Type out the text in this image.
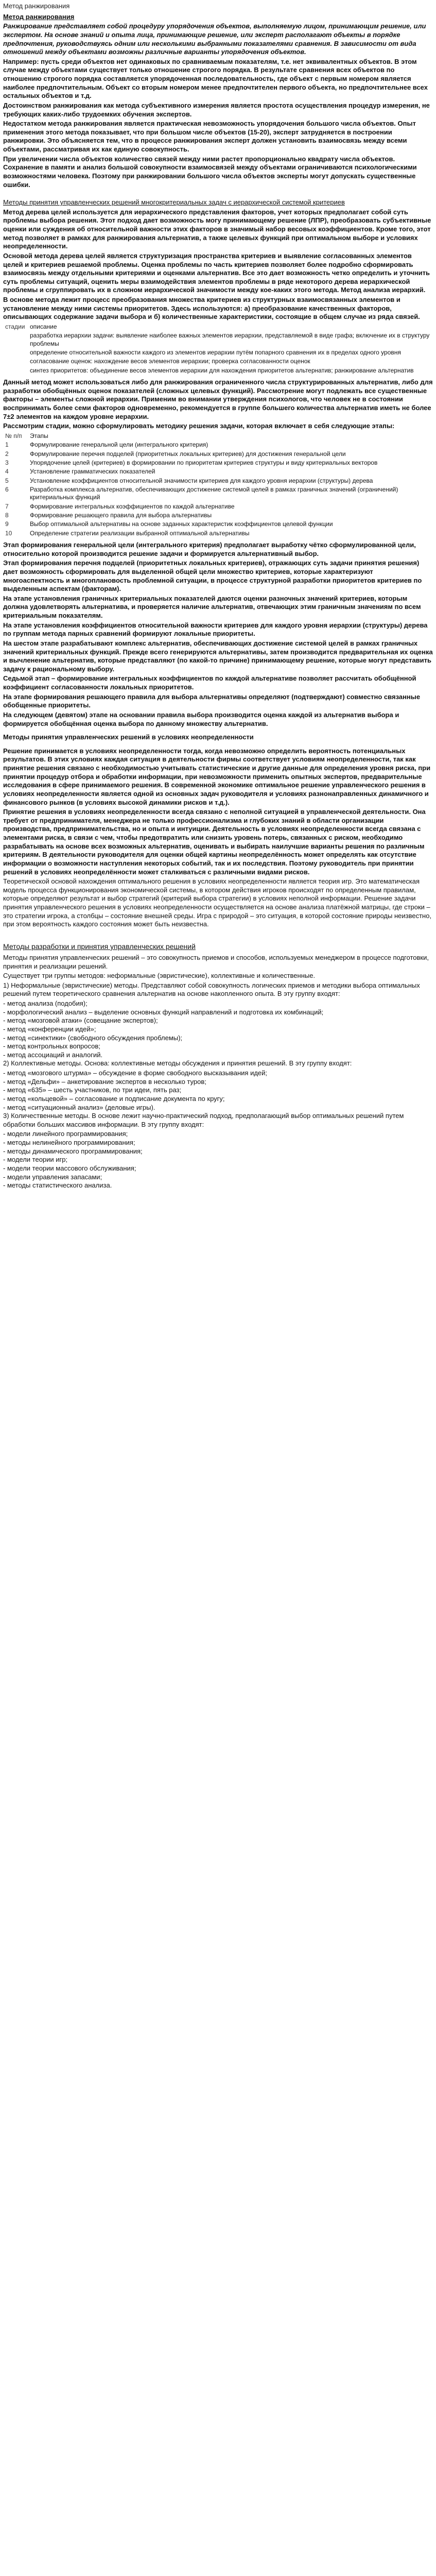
Метод ранжирования
Метод ранжирования

Ранжирование представляет собой процедуру упорядочения объектов, выполняемую лицом, принимающим решение, или экспертом. На основе знаний и опыта лица, принимающие решение, или эксперт располагают объекты в порядке предпочтения, руководствуясь одним или несколькими выбранными показателями сравнения. В зависимости от вида отношений между объектами возможны различные варианты упорядочения объектов.

Например: пусть среди объектов нет одинаковых по сравниваемым показателям, т.е. нет эквивалентных объектов. В этом случае между объектами существует только отношение строгого порядка. В результате сравнения всех объектов по отношению строгого порядка составляется упорядоченная последовательность, где объект с первым номером является наиболее предпочтительным. Объект со вторым номером менее предпочтителен первого объекта, но предпочтительнее всех остальных объектов и т.д.

Достоинством ранжирования как метода субъективного измерения является простота осуществления процедур измерения, не требующих каких-либо трудоемких обучения экспертов.

Недостатком метода ранжирования является практическая невозможность упорядочения большого числа объектов. Опыт применения этого метода показывает, что при большом числе объектов (15-20), эксперт затрудняется в построении ранжировки. Это объясняется тем, что в процессе ранжирования эксперт должен установить взаимосвязь между всеми объектами, рассматривая их как единую совокупность.

При увеличении числа объектов количество связей между ними растет пропорционально квадрату числа объектов. Сохранение в памяти и анализ большой совокупности взаимосвязей между объектами ограничиваются психологическими возможностями человека. Поэтому при ранжировании большого числа объектов эксперты могут допускать существенные ошибки.

Методы принятия управленческих решений многокритериальных задач с иерархической системой критериев

Метод дерева целей используется для иерархического представления факторов, учет которых предполагает собой суть проблемы выбора решения. Этот подход дает возможность могу принимающему решение (ЛПР), преобразовать субъективные оценки или суждения об относительной важности этих факторов в значимый набор весовых коэффициентов. Кроме того, этот метод позволяет в рамках для ранжирования альтернатив, а также целевых функций при оптимальном выборе и условиях неопределенности.

Основой метода дерева целей является структуризация пространства критериев и выявление согласованных элементов целей и критериев решаемой проблемы. Оценка проблемы по часть критериев позволяет более подробно сформировать взаимосвязь между отдельными критериями и оценками альтернатив. Все это дает возможность четко определить и уточнить суть проблемы ситуаций, оценить меры взаимодействия элементов проблемы в ряде некоторого дерева иерархической проблемы и сгруппировать их в сложном иерархической значимости между кое-каких этого метода. Метод анализа иерархий.

В основе метода лежит процесс преобразования множества критериев из структурных взаимосвязанных элементов и установление между ними системы приоритетов. Здесь используются: а) преобразование качественных факторов, описывающих содержание задачи выбора и б) количественные характеристики, состоящие в общем случае из ряда связей.

стадии	описание
	разработка иерархии задачи: выявление наиболее важных элементов иерархии, представляемой в виде графа; включение их в структуру проблемы
	определение относительной важности каждого из элементов иерархии путём попарного сравнения их в пределах одного уровня
	согласование оценок: нахождение весов элементов иерархии; проверка согласованности оценок
	синтез приоритетов: объединение весов элементов иерархии для нахождения приоритетов альтернатив; ранжирование альтернатив

Данный метод может использоваться либо для ранжирования ограниченного числа структурированных альтернатив, либо для разработки обобщённых оценок показателей (сложных целевых функций). Рассмотрение могут подлежать все существенные факторы – элементы сложной иерархии. Применим во внимании утверждения психологов, что человек не в состоянии воспринимать более семи факторов одновременно, рекомендуется в группе большего количества альтернатив иметь не более 7±2 элементов на каждом уровне иерархии.

Рассмотрим стадии, можно сформулировать методику решения задачи, которая включает в себя следующие этапы:

№ п/п	Этапы
1	Формулирование генеральной цели (интегрального критерия)
2	Формулирование перечня подцелей (приоритетных локальных критериев) для достижения генеральной цели
3	Упорядочение целей (критериев) в формировании по приоритетам критериев структуры и виду критериальных векторов
4	Установление грамматических показателей
5	Установление коэффициентов относительной значимости критериев для каждого уровня иерархии (структуры) дерева
6	Разработка комплекса альтернатив, обеспечивающих достижение системой целей в рамках граничных значений (ограничений) критериальных функций
7	Формирование интегральных коэффициентов по каждой альтернативе
8	Формирование решающего правила для выбора альтернативы
9	Выбор оптимальной альтернативы на основе заданных характеристик коэффициентов целевой функции
10	Определение стратегии реализации выбранной оптимальной альтернативы

Этап формирования генеральной цели (интегрального критерия) предполагает выработку чётко сформулированной цели, относительно которой производится решение задачи и формируется альтернативный выбор.

Этап формирования перечня подцелей (приоритетных локальных критериев), отражающих суть задачи принятия решения) дает возможность сформировать для выделенной общей цели множество критериев, которые характеризуют многоаспектность и многоплановость проблемной ситуации, в процессе структурной разработки приоритетов критериев по выделенным аспектам (факторам).

На этапе установления граничных критериальных показателей даются оценки разночных значений критериев, которым должна удовлетворять альтернатива, и проверяется наличие альтернатив, отвечающих этим граничным значениям по всем критериальным показателям.

На этапе установления коэффициентов относительной важности критериев для каждого уровня иерархии (структуры) дерева по группам метода парных сравнений формируют локальные приоритеты.

На шестом этапе разрабатывают комплекс альтернатив, обеспечивающих достижение системой целей в рамках граничных значений критериальных функций. Прежде всего генерируются альтернативы, затем производится предварительная их оценка и вычленение альтернатив, которые представляют (по какой-то причине) принимающему решение, которые могут представить задачу к рациональному выбору.

Седьмой этап – формирование интегральных коэффициентов по каждой альтернативе позволяет рассчитать обобщённой коэффициент согласованности локальных приоритетов.

На этапе формирования решающего правила для выбора альтернативы определяют (подтверждают) совместно связанные обобщенные приоритеты.

На следующем (девятом) этапе на основании правила выбора производится оценка каждой из альтернатив выбора и формируется обобщённая оценка выбора по данному множеству альтернатив.

Методы принятия управленческих решений в условиях неопределенности

Решение принимается в условиях неопределенности тогда, когда невозможно определить вероятность потенциальных результатов. В этих условиях каждая ситуация в деятельности фирмы соответствует условиям неопределенности, так как принятие решения связано с необходимостью учитывать статистические и другие данные для определения уровня риска, при принятии процедур отбора и обработки информации, при невозможности применить опытных экспертов, предварительные исследования в сфере принимаемого решения. В современной экономике оптимальное решение управленческого решения в условиях неопределенности является одной из основных задач руководителя и условиях разнонаправленных динамичного и финансового рынков (в условиях высокой динамики рисков и т.д.).

Принятие решения в условиях неопределенности всегда связано с неполной ситуацией в управленческой деятельности. Она требует от предпринимателя, менеджера не только профессионализма и глубоких знаний в области организации производства, предпринимательства, но и опыта и интуиции. Деятельность в условиях неопределенности всегда связана с элементами риска, в связи с чем, чтобы предотвратить или снизить уровень потерь, связанных с риском, необходимо разрабатывать на основе всех возможных альтернатив, оценивать и выбирать наилучшие варианты решения по различным критериям. В деятельности руководителя для оценки общей картины неопределённость может определять как отсутствие информации о возможности наступления некоторых событий, так и их последствия. Поэтому руководитель при принятии решений в условиях неопределённости может сталкиваться с различными видами рисков.

Теоретической основой нахождения оптимального решения в условиях неопределенности является теория игр. Это математическая модель процесса функционирования экономической системы, в котором действия игроков происходят по определенным правилам, которые определяют результат и выбор стратегий (критерий выбора стратегии) в условиях неполной информации. Решение задачи принятия управленческого решения в условиях неопределенности осуществляется на основе анализа платёжной матрицы, где строки – это стратегии игрока, а столбцы – состояние внешней среды. Игра с природой – это ситуация, в которой состояние природы неизвестно, при этом вероятность каждого состояния может быть неизвестна.

Методы разработки и принятия управленческих решений

Методы принятия управленческих решений – это совокупность приемов и способов, используемых менеджером в процессе подготовки, принятия и реализации решений.

Существует три группы методов: неформальные (эвристические), коллективные и количественные.

1) Неформальные (эвристические) методы. Представляют собой совокупность логических приемов и методики выбора оптимальных решений путем теоретического сравнения альтернатив на основе накопленного опыта. В эту группу входят:

- метод анализа (подобия);
- морфологический анализ – выделение основных функций направлений и подготовка их комбинаций;
- метод «мозговой атаки» (совещание экспертов);
- метод «конференции идей»;
- метод «синектики» (свободного обсуждения проблемы);
- метод контрольных вопросов;
- метод ассоциаций и аналогий.

2) Коллективные методы. Основа: коллективные методы обсуждения и принятия решений. В эту группу входят:

- метод «мозгового штурма» – обсуждение в форме свободного высказывания идей;
- метод «Дельфи» – анкетирование экспертов в несколько туров;
- метод «635» – шесть участников, по три идеи, пять раз;
- метод «кольцевой» – согласование и подписание документа по кругу;
- метод «ситуационный анализ» (деловые игры).

3) Количественные методы. В основе лежит научно-практический подход, предполагающий выбор оптимальных решений путем обработки больших массивов информации. В эту группу входят:

- модели линейного программирования;
- методы нелинейного программирования;
- методы динамического программирования;
- модели теории игр;
- модели теории массового обслуживания;
- модели управления запасами;
- методы статистического анализа.
